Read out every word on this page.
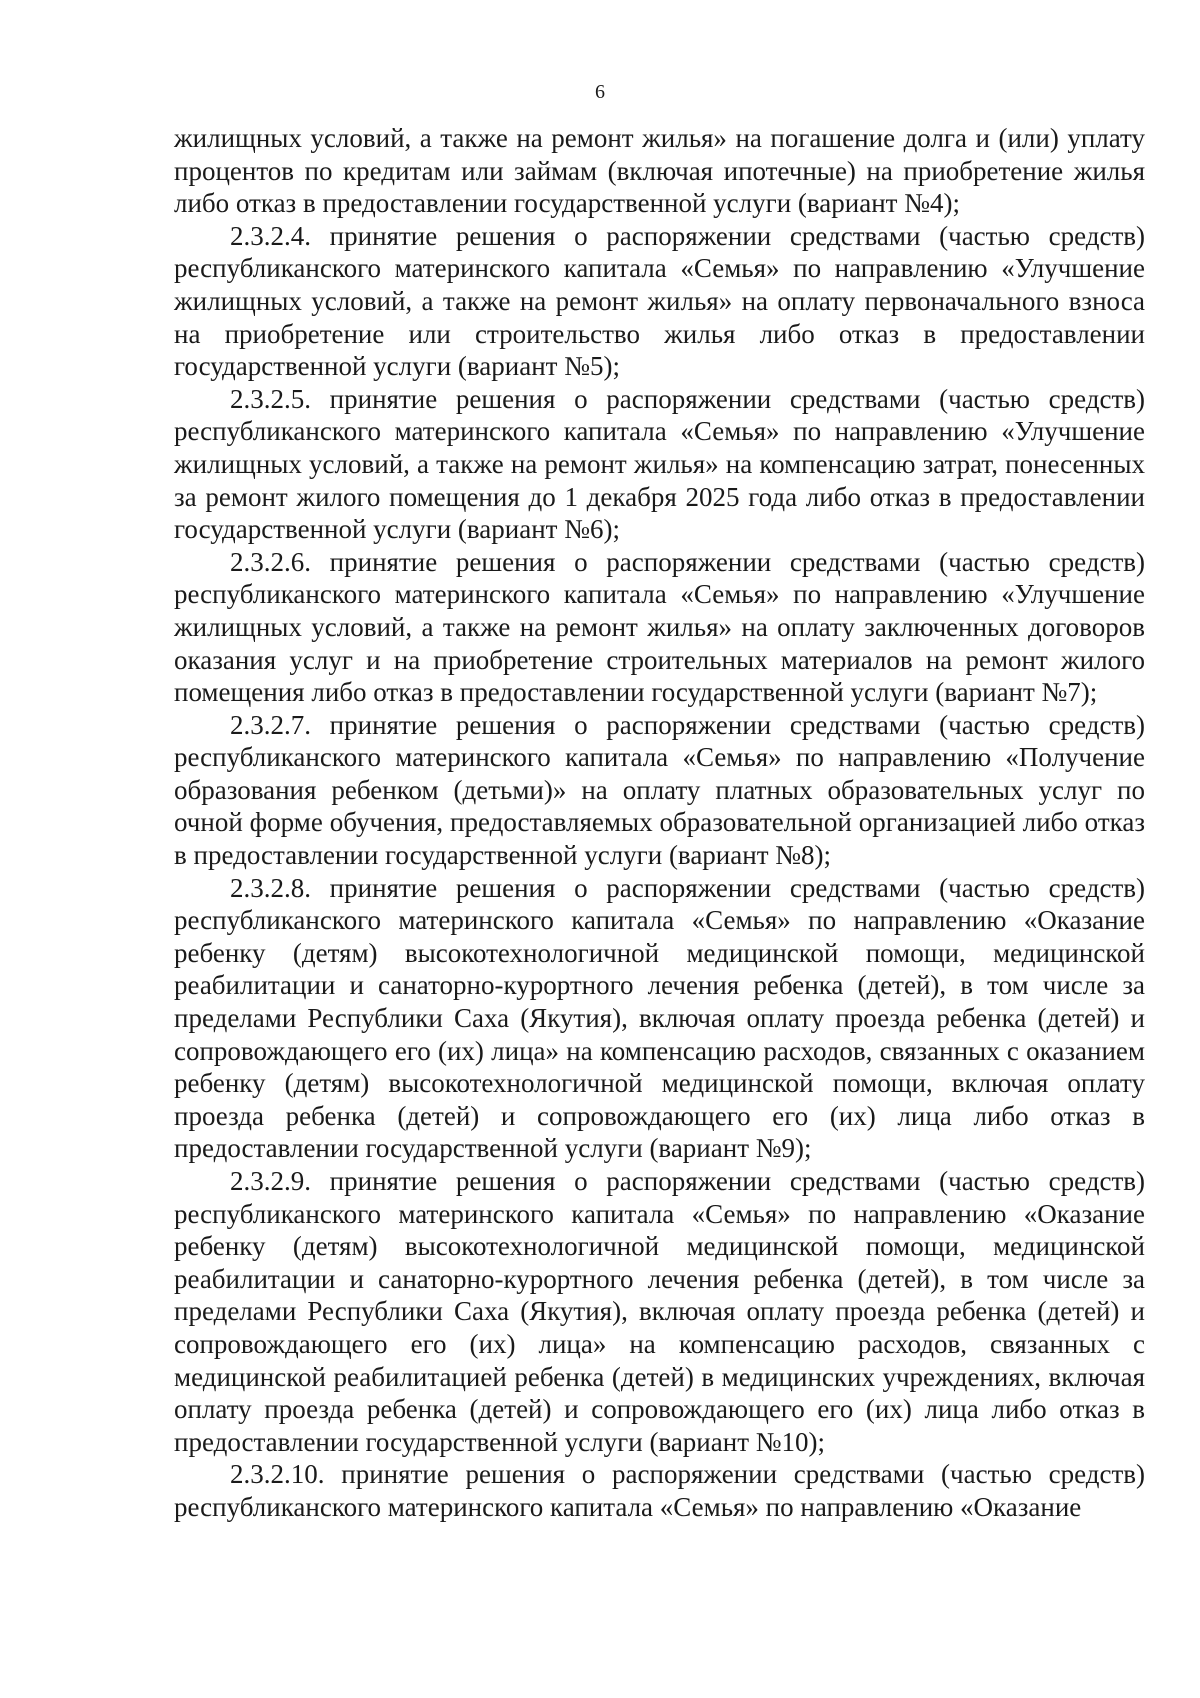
6

жилищных условий, а также на ремонт жилья» на погашение долга и (или) уплату процентов по кредитам или займам (включая ипотечные) на приобретение жилья либо отказ в предоставлении государственной услуги (вариант №4);

2.3.2.4. принятие решения о распоряжении средствами (частью средств) республиканского материнского капитала «Семья» по направлению «Улучшение жилищных условий, а также на ремонт жилья» на оплату первоначального взноса на приобретение или строительство жилья либо отказ в предоставлении государственной услуги (вариант №5);

2.3.2.5. принятие решения о распоряжении средствами (частью средств) республиканского материнского капитала «Семья» по направлению «Улучшение жилищных условий, а также на ремонт жилья» на компенсацию затрат, понесенных за ремонт жилого помещения до 1 декабря 2025 года либо отказ в предоставлении государственной услуги (вариант №6);

2.3.2.6. принятие решения о распоряжении средствами (частью средств) республиканского материнского капитала «Семья» по направлению «Улучшение жилищных условий, а также на ремонт жилья» на оплату заключенных договоров оказания услуг и на приобретение строительных материалов на ремонт жилого помещения либо отказ в предоставлении государственной услуги (вариант №7);

2.3.2.7. принятие решения о распоряжении средствами (частью средств) республиканского материнского капитала «Семья» по направлению «Получение образования ребенком (детьми)» на оплату платных образовательных услуг по очной форме обучения, предоставляемых образовательной организацией либо отказ в предоставлении государственной услуги (вариант №8);

2.3.2.8. принятие решения о распоряжении средствами (частью средств) республиканского материнского капитала «Семья» по направлению «Оказание ребенку (детям) высокотехнологичной медицинской помощи, медицинской реабилитации и санаторно-курортного лечения ребенка (детей), в том числе за пределами Республики Саха (Якутия), включая оплату проезда ребенка (детей) и сопровождающего его (их) лица» на компенсацию расходов, связанных с оказанием ребенку (детям) высокотехнологичной медицинской помощи, включая оплату проезда ребенка (детей) и сопровождающего его (их) лица либо отказ в предоставлении государственной услуги (вариант №9);

2.3.2.9. принятие решения о распоряжении средствами (частью средств) республиканского материнского капитала «Семья» по направлению «Оказание ребенку (детям) высокотехнологичной медицинской помощи, медицинской реабилитации и санаторно-курортного лечения ребенка (детей), в том числе за пределами Республики Саха (Якутия), включая оплату проезда ребенка (детей) и сопровождающего его (их) лица» на компенсацию расходов, связанных с медицинской реабилитацией ребенка (детей) в медицинских учреждениях, включая оплату проезда ребенка (детей) и сопровождающего его (их) лица либо отказ в предоставлении государственной услуги (вариант №10);

2.3.2.10. принятие решения о распоряжении средствами (частью средств) республиканского материнского капитала «Семья» по направлению «Оказание
